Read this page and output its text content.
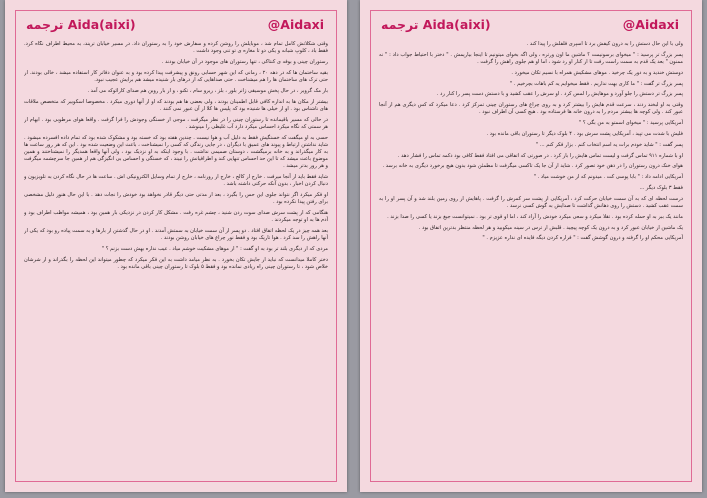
@Aidaxi
ترجمه Aida(aixi)

وقتی شکلاتش کامل تمام شد ، موبایلش را روشن کرده و سفارش خود را به رستوران داد. در مسیر خیابان تریند، به محیط اطراف نگاه کرد. فقط باد ، کلوپ شبانه و یکی دو تا مغازه ی تو تنی وجود داشت .

رستوران چینی و بوفه ی کنتاکی ، تنها رستوران های موجود در آن خیابان بودند .

بقیه ساختمان ها که در دهه ۲۰ ، زمانی که این شهر حسابی رونق و پیشرفت پیدا کرده بود و به عنوان دفاتر کار استفاده میشد ، خالی بودند. از حتی ترک های ساختمان ها را هم میشناخت . حتی صداهایی که از درهای باز شنیده میشد هم برایش عجیب نبود.

باز مک گرویر ، در حال پخش موسیقی ژانر بلوز ، بلز ، زیرو سام ، تکنو ، و از بار روبن هم صدای کارائوکه می آمد .

بیشتر از مکان ها به اندازه کافی قابل اطمینان بودند ، ولی بعضی ها هم بودند که او از آنها دوری میکرد . مخصوصا اسکوبیر که متخصص ملاقات های ناشناس بود . او از خیلی ها شنیده بود که پلیس ها کلا از آن عبور نمی کنند .

در حالی که مسیر باقیمانده تا رستوران چینی را در نظر میگرفت ، موجی از خستگی وجودش را فرا گرفت . واقعا هوای مرطوبی بود . ابهام از هر سمتی که نگاه میکرد احساس میکرد دارد آب غلیظی را مینوشد .

حسی به او میگفت که خستگیش فقط به دلیل آب و هوا نیست . چندین هفته بود که خسته بود و مشکوک شده بود که تمام داده افسرده میشود . شاید نداشتن ارتباط و پیوند های عمیق با دیگران ، در جایی زندگی که کسی را نمیشناخت ، باعث این وضعیت شده بود . این که هر روز ساعت ها به کار میگذراند و به خانه برمیگشت ، دوستان صمیمی نداشت . با وجود اینکه به او نزدیک بود ، ولی آنها واقعا همدیگر را نمیشناختند و همین موضوع باعث میشد که تا این حد احساس تنهایی کند و اطرافیانش را نبیند ، که خستگی و احساس بی انگیزگی هم از همین جا سرچشمه میگرفت و هر روز بدتر میشد .

شاید فقط باید از آنجا میرفت . خارج از کالج ، خارج از روزنامه ، خارج از تمام وسایل الکترونیکی اش . ساعت ها در حال نگاه کردن به تلویزیون و دنبال کردن اخبار ، بدون آنکه حرکتی داشته باشد .

او فکر میکرد اگر نتواند جلوی این حس را بگیرد ، بعد از مدتی حتی دیگر قادر نخواهد بود خودش را نجات دهد . با این حال هنوز دلیل مشخصی برای رفتن پیدا نکرده بود .

هنگامی که از پشت سرش صدای سوت زدن شنید ، چشم غره رفت . مشکل کار کردن در نزدیکی بار همین بود ، همیشه مواظب اطراف بود و آدم ها به او توجه میکردند .

بعد همه چیز در یک لحظه اتفاق افتاد . دو پسر از آن سمت خیابان به سمتش آمدند . او در حال گذشتن از بارها و به سمت پیاده رو بود که یکی از آنها راهش را سد کرد . هوا تاریک بود و فقط نور چراغ های خیابان روشن بودند .

مردی که از دیگری بلند تر بود به او گفت : " از موهای مشکیت خوشم میاد . عیب نداره بهش دست بزنم ؟ "

دختر کاملا میدانست که نباید از جایش تکان بخورد . به نظر میامد داشت به این فکر میکرد که چطور میتواند این لحظه را بگذراند و از شرشان خلاص شود ، تا رستوران چینی راه زیادی نمانده بود و فقط ۵ بلوک تا رستوران چینی باقی مانده بود .

@Aidaxi
ترجمه Aida(aixi)

ولی با این حال دستش را به درون کیفش برد تا اسپری فلفلش را پیدا کند .

پسر بزرگ تر پرسید : " میخوای برسونیمت ؟ ماشین ما اون ورتره ، ولی اگه بخوای میتونیم تا اینجا بیاریمش . " دختر با احتیاط جواب داد : " نه ممنون " بعد یک قدم به سمت راست رفت تا از کنار او رد شود ، اما او هم جلوی راهش را گرفت .

دوستش خندید و به دور یک چرخید . موهای مشکیش همراه با نسیم تکان میخورد .

پسر بزرگ تر گفت : " ما کاری بهت نداریم . فقط میخوایم یه کم باهات بچرخیم . "

پسر بزرگ تر دستش را جلو آورد و موهایش را لمس کرد . او سرش را عقب کشید و با دستش دست پسر را کنار زد .

وقتی به او لبخند زدند ، سرعت قدم هایش را بیشتر کرد و به روی چراغ های رستوران چینی تمرکز کرد . دعا میکرد که کس دیگری هم از آنجا عبور کند . ولی کوچه ها بیشتر مردم را به درون خانه ها فرستاده بود . هیچ کسی آن اطراف نبود .

آمریکایی پرسید : " میخوای اسمتو به من بگی ؟ "

فلیش با شدت می تپید ، آمریکایی پشت سرش بود . ۴ بلوک دیگر تا رستوران باقی مانده بود .

پسر گفت : " شاید خودم برات یه اسم انتخاب کنم . بزار فکر کنم ... "

او با شماره ۹۱۱ تماس گرفت و لیست تماس هایش را باز کرد . در صورتی که اتفاقی می افتاد فقط کافی بود دکمه تماس را فشار دهد .

هوای خنک درون رستوران را در ذهن خود تصور کرد . شاید از آن جا یک تاکسی میگرفت تا مطمئن شود بدون هیچ برخورد دیگری به خانه برسد .

آمریکایی ادامه داد : " بابا پوسی کت . میدونم که از من خوشت میاد . "

فقط ۳ بلوک دیگر ...

درست لحظه ای که به آن سمت خیابان حرکت کرد ، آمریکایی از پشت سر کمرش را گرفت . پاهایش از روی زمین بلند شد و آن پسر او را به سمت عقب کشید . دستش را روی دهانش گذاشت تا صدایش به گوش کسی نرسد .

مانند یک ببر به او حمله کرده بود . تقلا میکرد و سعی میکرد خودش را آزاد کند ، اما او قوی تر بود . نمیتوانست جیغ بزند یا کسی را صدا بزند .

یک ماشین از خیابان عبور کرد و به درون یک کوچه پیچید . قلبش از ترس در سینه میکوبید و هر لحظه منتظر بدترین اتفاق بود .

آمریکایی محکم او را گرفته و درون گوشش گفت : " فراره کردن دیگه فایده ای نداره عزیزم . "
